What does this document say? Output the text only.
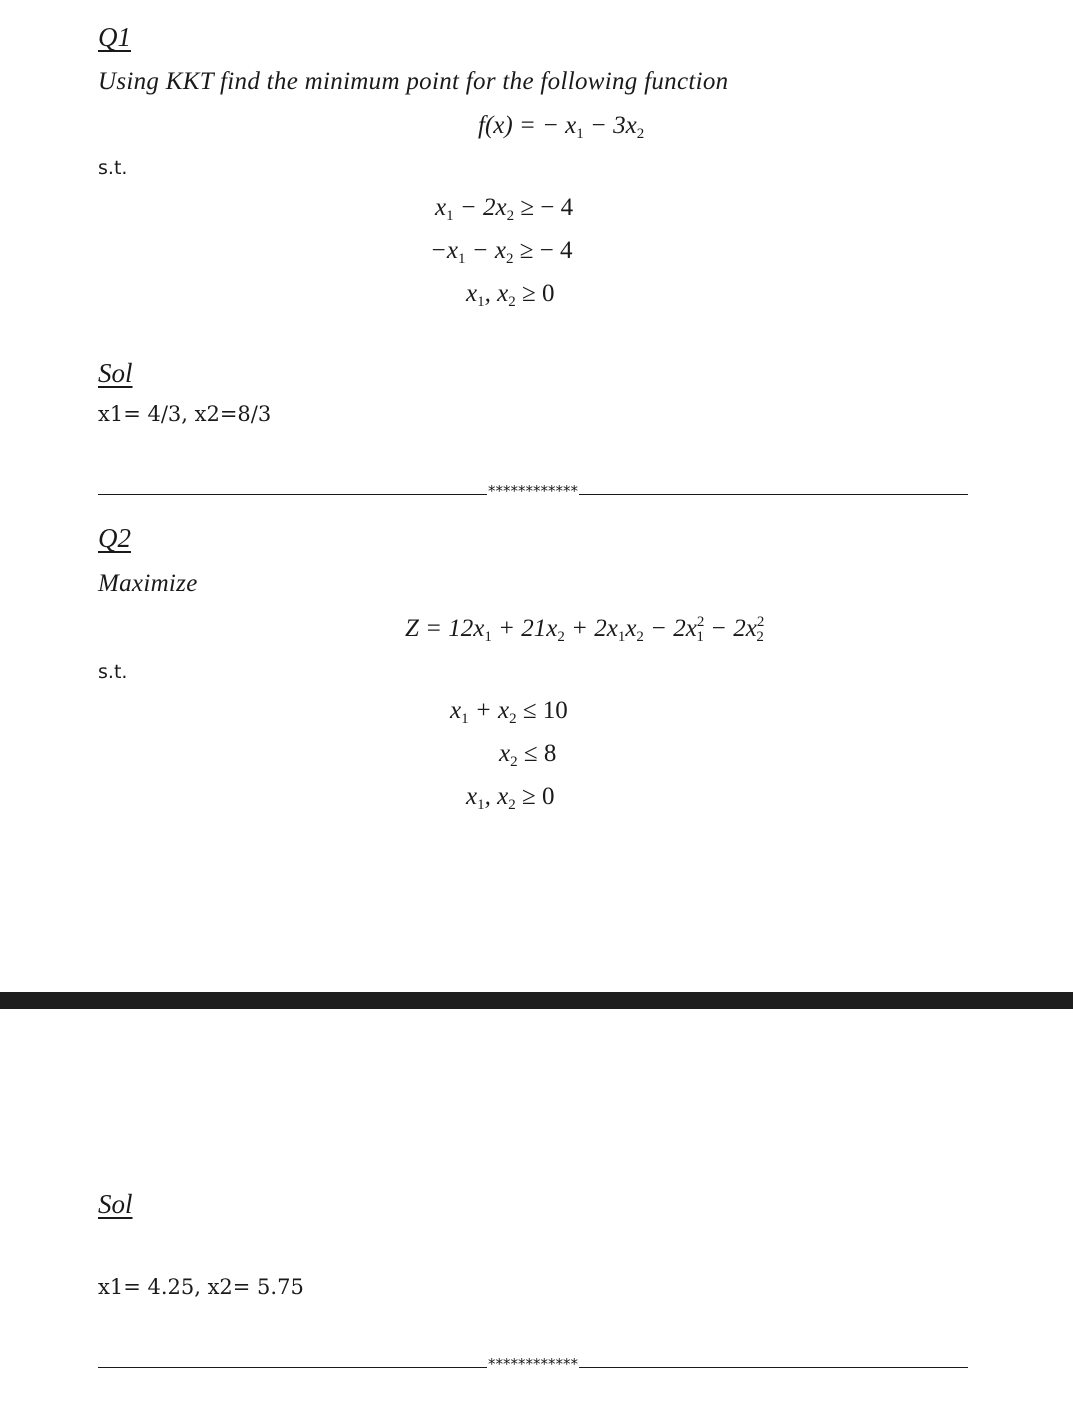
Q1
Using KKT find the minimum point for the following function
f(x) = − $x_1 - 3x_2$
s.t.
$x_1 - 2x_2$ ≥ − 4
$-x_1 - x_2$ ≥ − 4
$x_1$, $x_2 \ge 0$
Sol
x1= 4/3, x2=8/3
************
Q2
Maximize
$Z = 12x_1 + 21x_2 + 2x_1x_2 - 2x^2_1 - 2x^2_2$
s.t.
$x_1 + x_2 \le 10$
$x_2 \le 8$
$x_1$, $x_2 \ge 0$
Sol
x1= 4.25, x2= 5.75
************
